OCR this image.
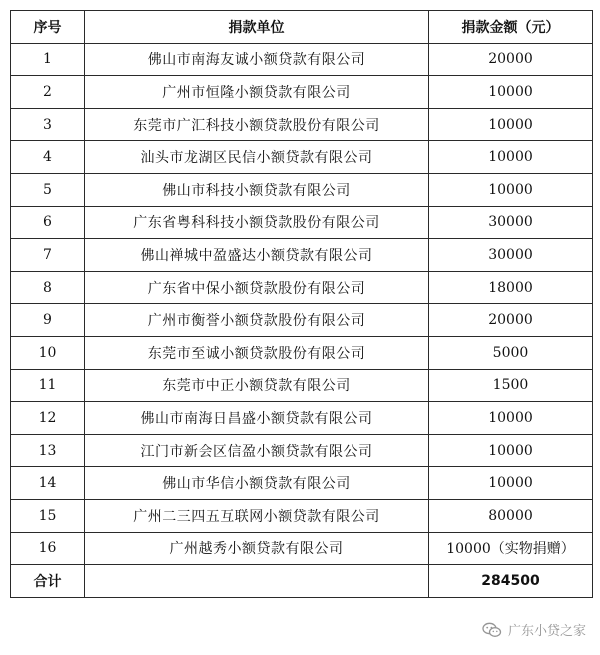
序号	捐款单位	捐款金额（元）
1	佛山市南海友诚小额贷款有限公司	20000
2	广州市恒隆小额贷款有限公司	10000
3	东莞市广汇科技小额贷款股份有限公司	10000
4	汕头市龙湖区民信小额贷款有限公司	10000
5	佛山市科技小额贷款有限公司	10000
6	广东省粤科科技小额贷款股份有限公司	30000
7	佛山禅城中盈盛达小额贷款有限公司	30000
8	广东省中保小额贷款股份有限公司	18000
9	广州市衡誉小额贷款股份有限公司	20000
10	东莞市至诚小额贷款股份有限公司	5000
11	东莞市中正小额贷款有限公司	1500
12	佛山市南海日昌盛小额贷款有限公司	10000
13	江门市新会区信盈小额贷款有限公司	10000
14	佛山市华信小额贷款有限公司	10000
15	广州二三四五互联网小额贷款有限公司	80000
16	广州越秀小额贷款有限公司	10000（实物捐赠）
合计		284500
广东小贷之家
